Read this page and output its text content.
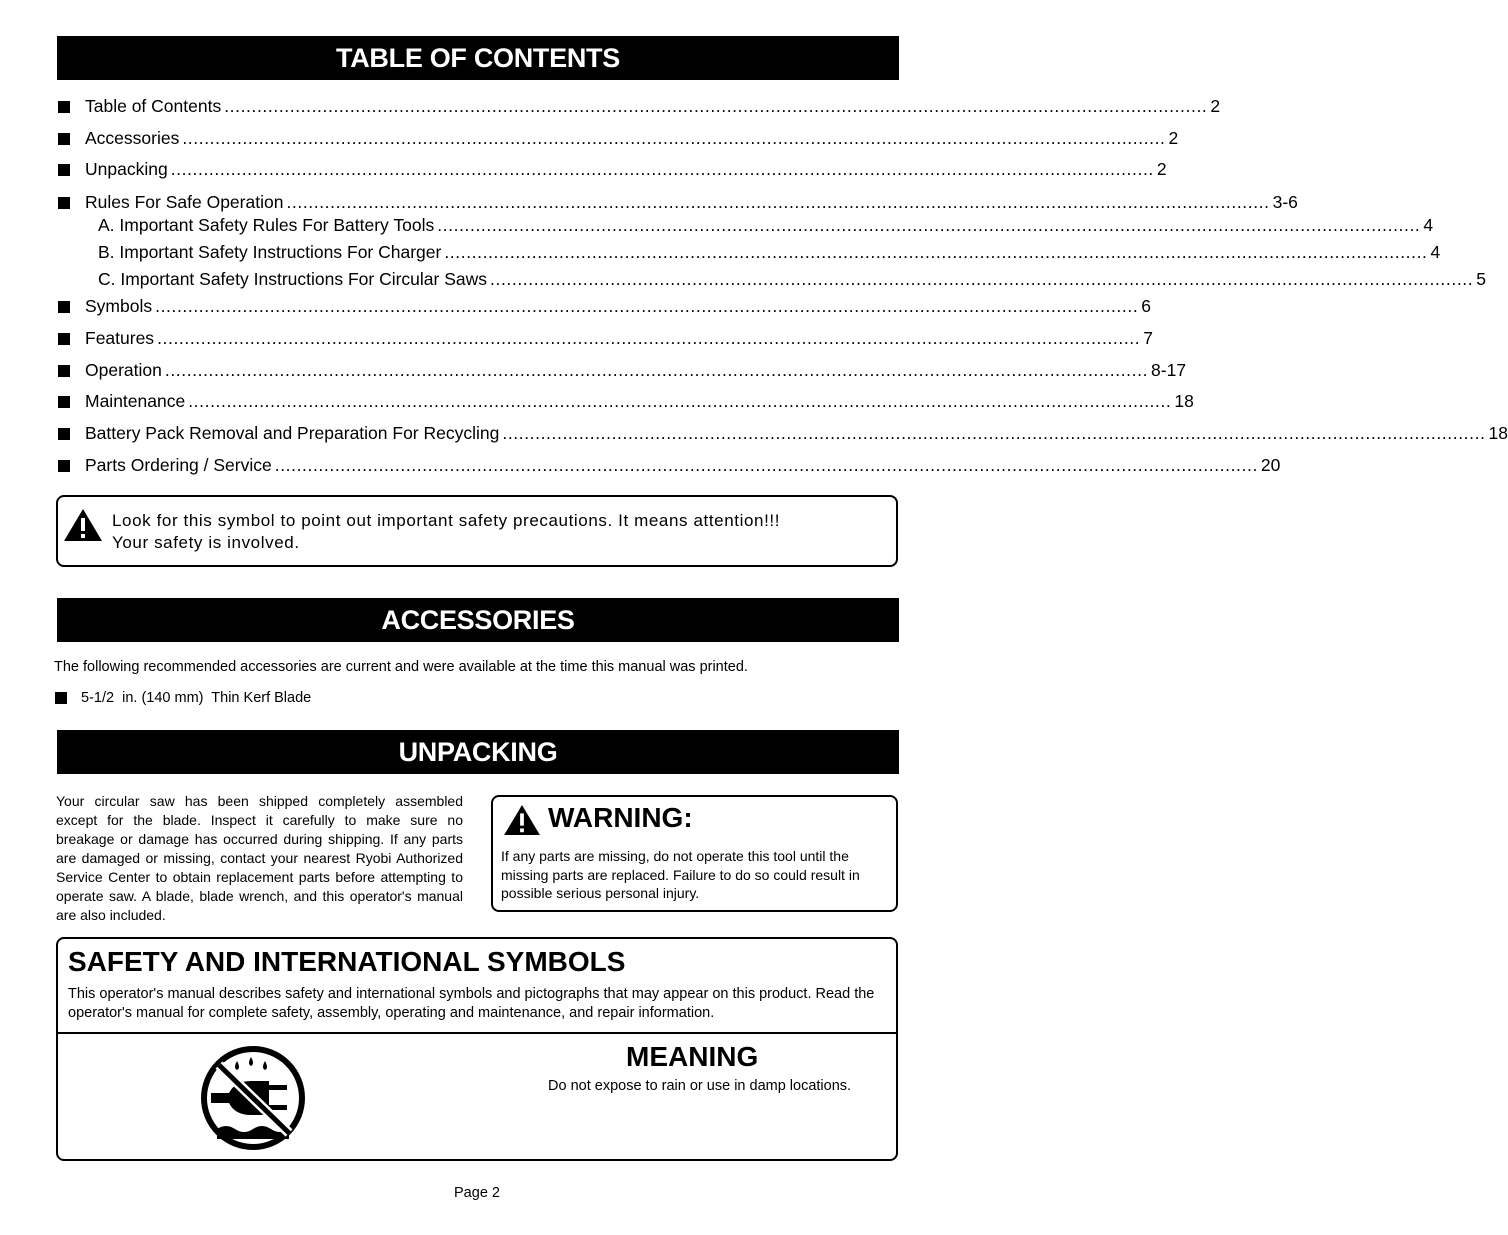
TABLE OF CONTENTS
Table of Contents .................................................................................................................................................................................... 2
Accessories .................................................................................................................................................................................... 2
Unpacking .................................................................................................................................................................................... 2
Rules For Safe Operation .................................................................................................................................................................................... 3-6
A. Important Safety Rules For Battery Tools .................................................................................................................................................................................... 4
B. Important Safety Instructions For Charger .................................................................................................................................................................................... 4
C. Important Safety Instructions For Circular Saws .................................................................................................................................................................................... 5
Symbols .................................................................................................................................................................................... 6
Features .................................................................................................................................................................................... 7
Operation .................................................................................................................................................................................... 8-17
Maintenance .................................................................................................................................................................................... 18
Battery Pack Removal and Preparation For Recycling .................................................................................................................................................................................... 18
Parts Ordering / Service .................................................................................................................................................................................... 20
Look for this symbol to point out important safety precautions. It means attention!!!
Your safety is involved.
ACCESSORIES

The following recommended accessories are current and were available at the time this manual was printed.

5-1/2  in. (140 mm)  Thin Kerf Blade
UNPACKING

Your circular saw has been shipped completely assembled except for the blade. Inspect it carefully to make sure no breakage or damage has occurred during shipping. If any parts are damaged or missing, contact your nearest Ryobi Authorized Service Center to obtain replacement parts before attempting to operate saw. A blade, blade wrench, and this operator's manual are also included.

WARNING:

If any parts are missing, do not operate this tool until the missing parts are replaced. Failure to do so could result in possible serious personal injury.

SAFETY AND INTERNATIONAL SYMBOLS

This operator's manual describes safety and international symbols and pictographs that may appear on this product. Read the operator's manual for complete safety, assembly, operating and maintenance, and repair information.

MEANING

Do not expose to rain or use in damp locations.

Page 2
